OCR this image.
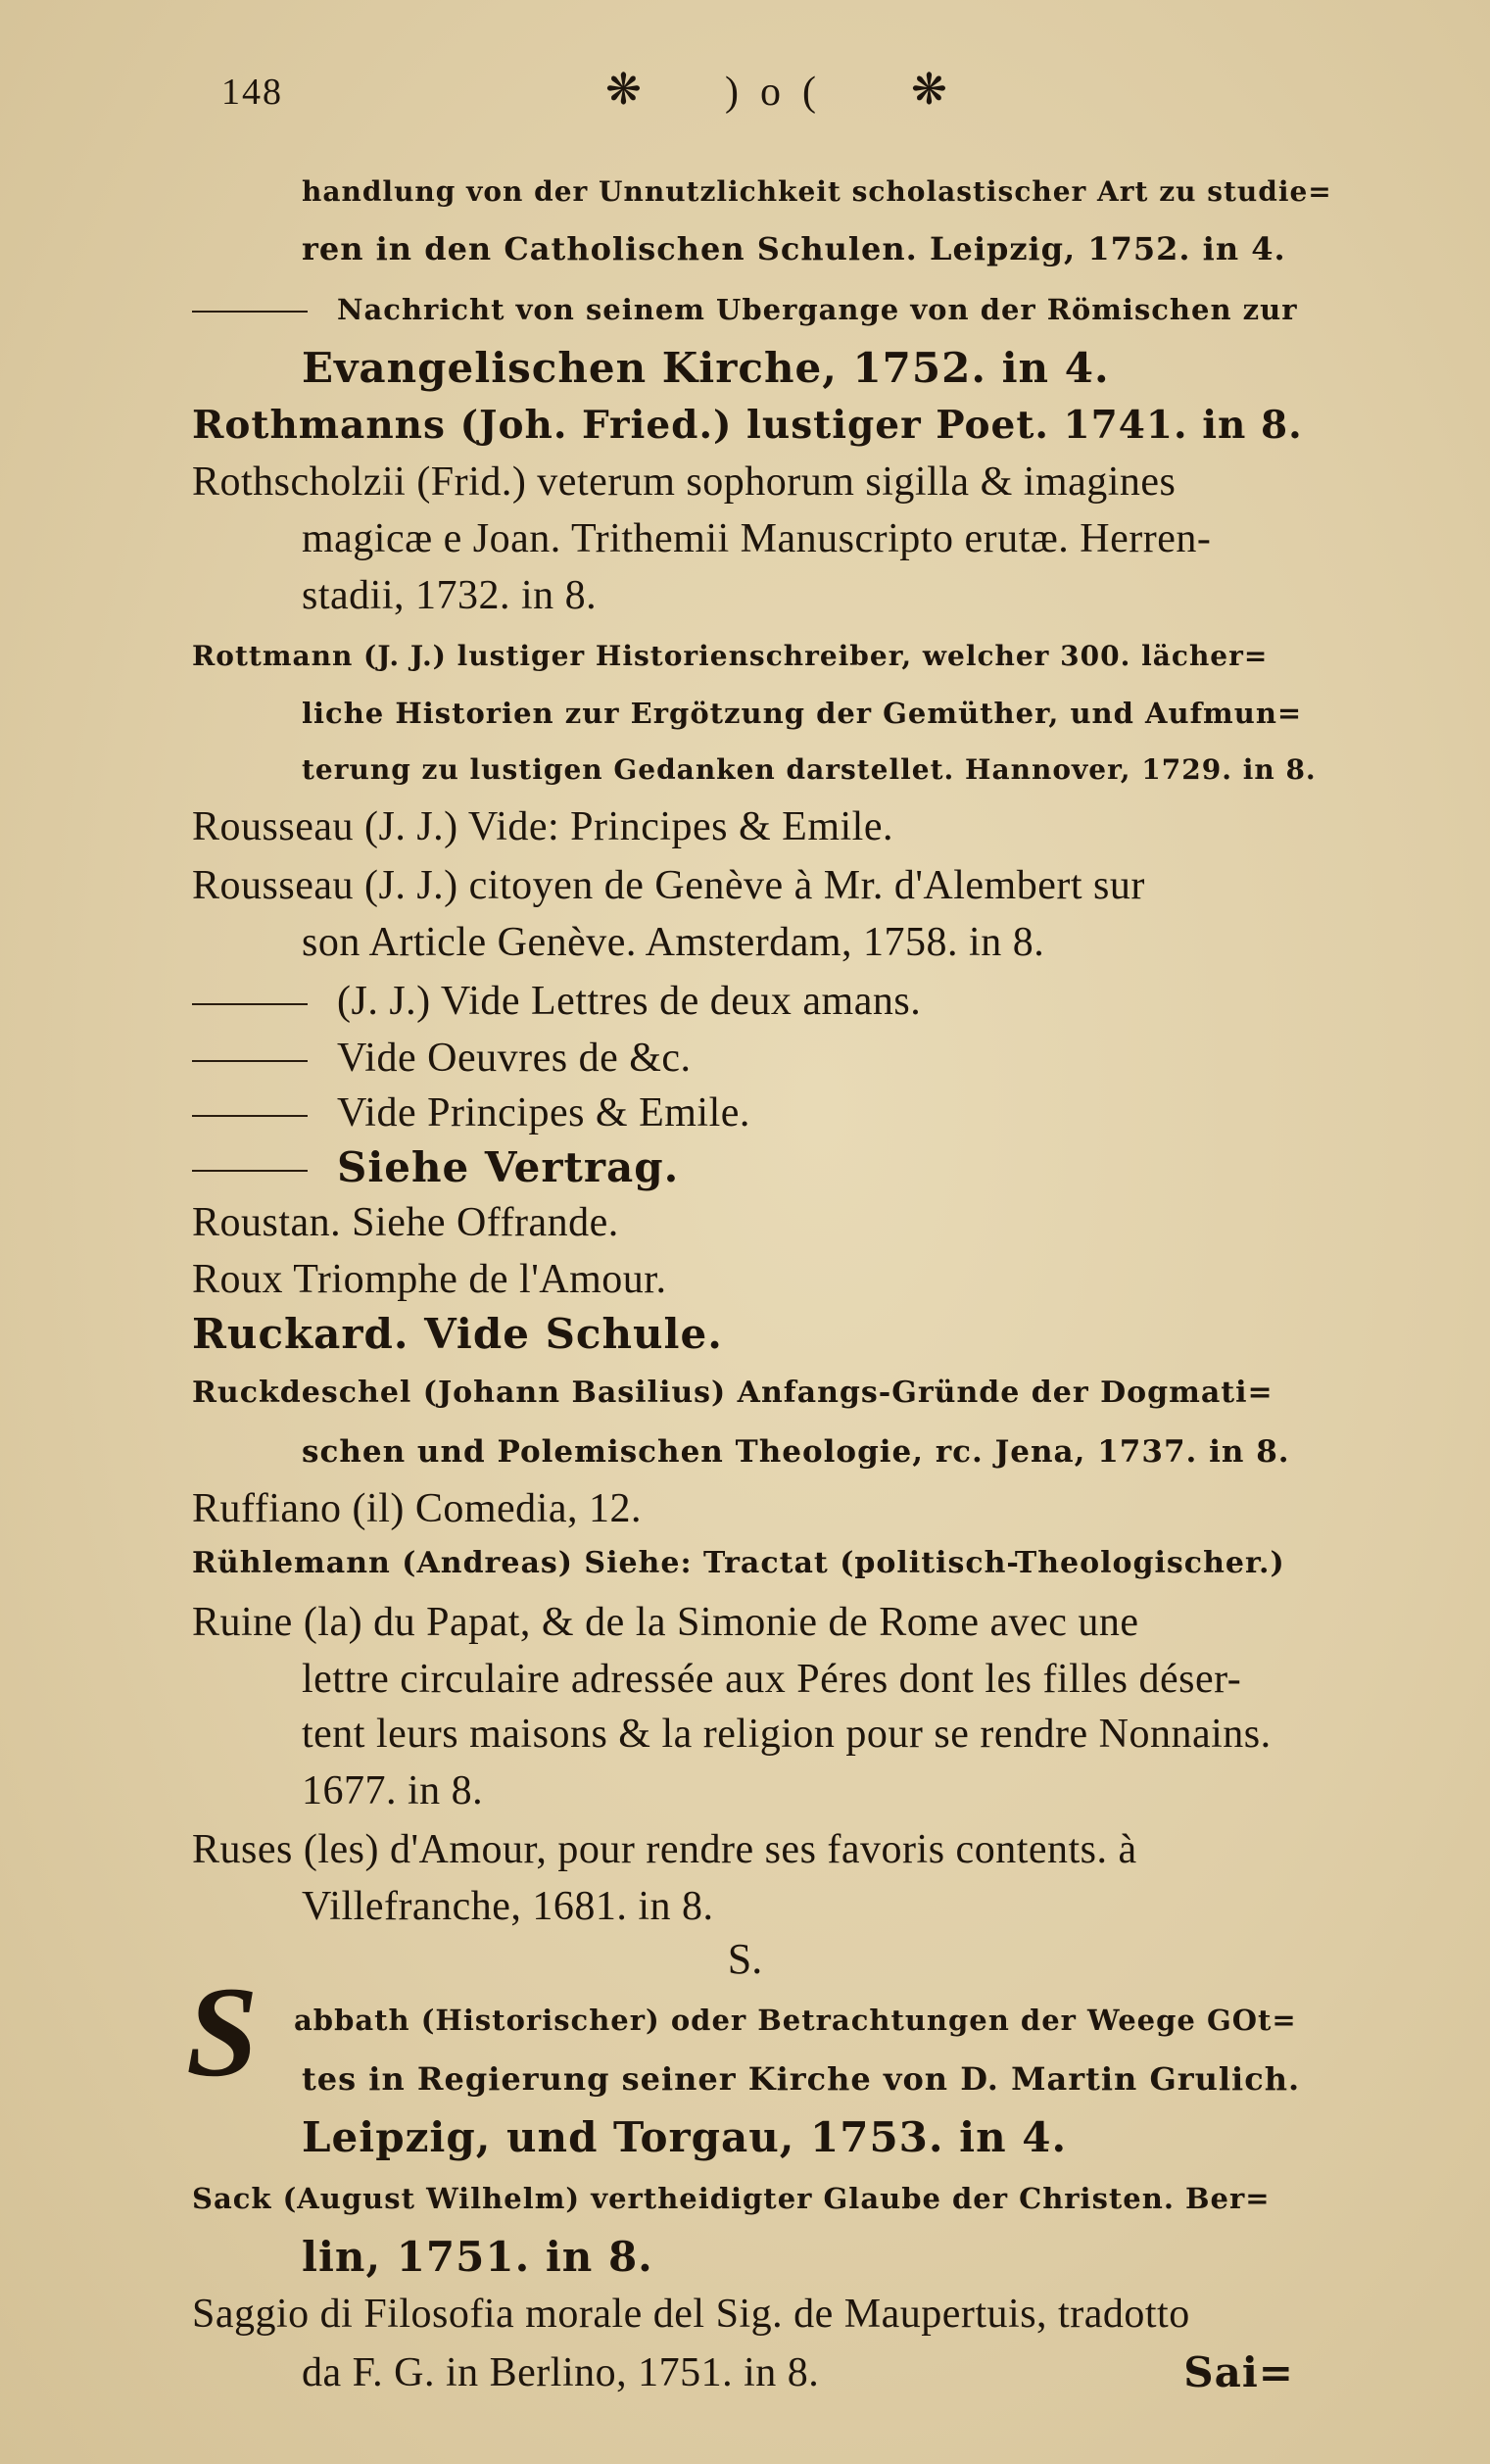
148	❋ )o( ❋
handlung von der Unnutzlichkeit scholastischer Art zu studie=
ren in den Catholischen Schulen. Leipzig, 1752. in 4.
Nachricht von seinem Ubergange von der Römischen zur
Evangelischen Kirche, 1752. in 4.
Rothmanns (Joh. Fried.) lustiger Poet. 1741. in 8.
Rothscholzii (Frid.) veterum sophorum sigilla & imagines
magicæ e Joan. Trithemii Manuscripto erutæ. Herren-
stadii, 1732. in 8.
Rottmann (J. J.) lustiger Historienschreiber, welcher 300. lächer=
liche Historien zur Ergötzung der Gemüther, und Aufmun=
terung zu lustigen Gedanken darstellet. Hannover, 1729. in 8.
Rousseau (J. J.) Vide: Principes & Emile.
Rousseau (J. J.) citoyen de Genève à Mr. d'Alembert sur
son Article Genève. Amsterdam, 1758. in 8.
(J. J.) Vide Lettres de deux amans.
Vide Oeuvres de &c.
Vide Principes & Emile.
Siehe Vertrag.
Roustan. Siehe Offrande.
Roux Triomphe de l'Amour.
Ruckard. Vide Schule.
Ruckdeschel (Johann Basilius) Anfangs-Gründe der Dogmati=
schen und Polemischen Theologie, rc. Jena, 1737. in 8.
Ruffiano (il) Comedia, 12.
Rühlemann (Andreas) Siehe: Tractat (politisch-Theologischer.)
Ruine (la) du Papat, & de la Simonie de Rome avec une
lettre circulaire adressée aux Péres dont les filles déser-
tent leurs maisons & la religion pour se rendre Nonnains.
1677. in 8.
Ruses (les) d'Amour, pour rendre ses favoris contents. à
Villefranche, 1681. in 8.
S.
S abbath (Historischer) oder Betrachtungen der Weege GOt=
tes in Regierung seiner Kirche von D. Martin Grulich.
Leipzig, und Torgau, 1753. in 4.
Sack (August Wilhelm) vertheidigter Glaube der Christen. Ber=
lin, 1751. in 8.
Saggio di Filosofia morale del Sig. de Maupertuis, tradotto
da F. G. in Berlino, 1751. in 8.	Sai=
